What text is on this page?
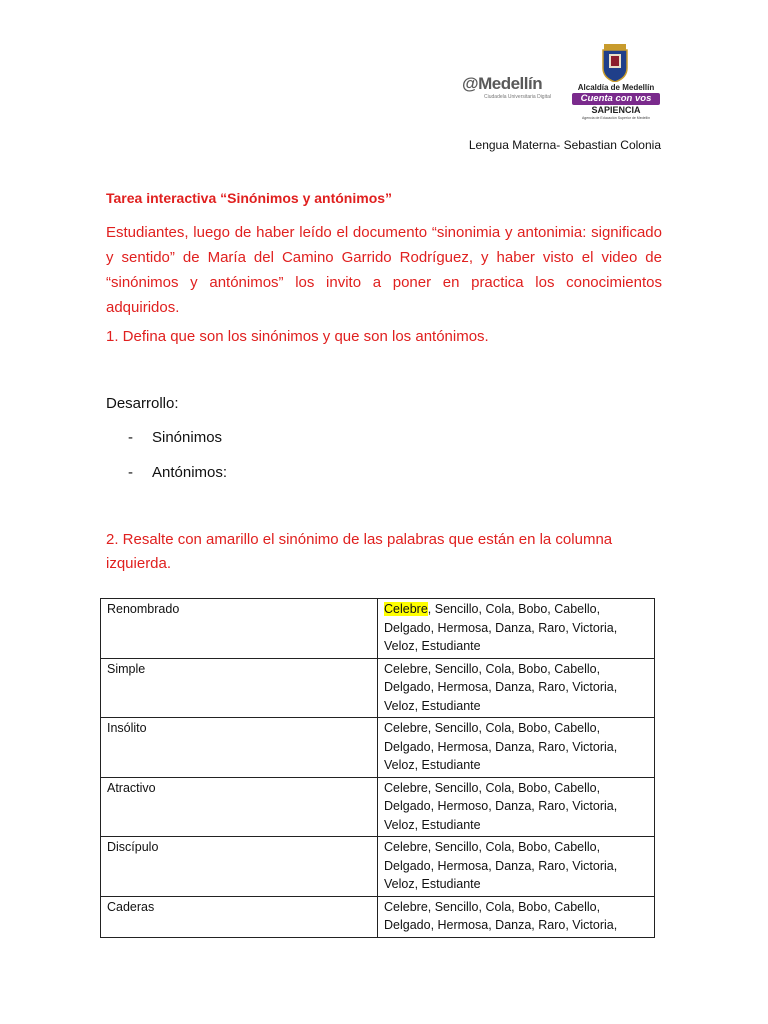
@Medellín
Ciudadela Universitaria Digital
Alcaldía de Medellín
Cuenta con vos
SAPIENCIA
Agencia de Educación Superior de Medellín
Lengua Materna- Sebastian Colonia
Tarea interactiva “Sinónimos y antónimos”
Estudiantes, luego de haber leído el documento “sinonimia y antonimia: significado y sentido” de María del Camino Garrido Rodríguez, y haber visto el video de “sinónimos y antónimos” los invito a poner en practica los conocimientos adquiridos.
1. Defina que son los sinónimos y que son los antónimos.
Desarrollo:
- Sinónimos
- Antónimos:
2. Resalte con amarillo el sinónimo de las palabras que están en la columna izquierda.
Renombrado	Celebre, Sencillo, Cola, Bobo, Cabello, Delgado, Hermosa, Danza, Raro, Victoria, Veloz, Estudiante
Simple	Celebre, Sencillo, Cola, Bobo, Cabello, Delgado, Hermosa, Danza, Raro, Victoria, Veloz, Estudiante
Insólito	Celebre, Sencillo, Cola, Bobo, Cabello, Delgado, Hermosa, Danza, Raro, Victoria, Veloz, Estudiante
Atractivo	Celebre, Sencillo, Cola, Bobo, Cabello, Delgado, Hermoso, Danza, Raro, Victoria, Veloz, Estudiante
Discípulo	Celebre, Sencillo, Cola, Bobo, Cabello, Delgado, Hermosa, Danza, Raro, Victoria, Veloz, Estudiante
Caderas	Celebre, Sencillo, Cola, Bobo, Cabello, Delgado, Hermosa, Danza, Raro, Victoria,
